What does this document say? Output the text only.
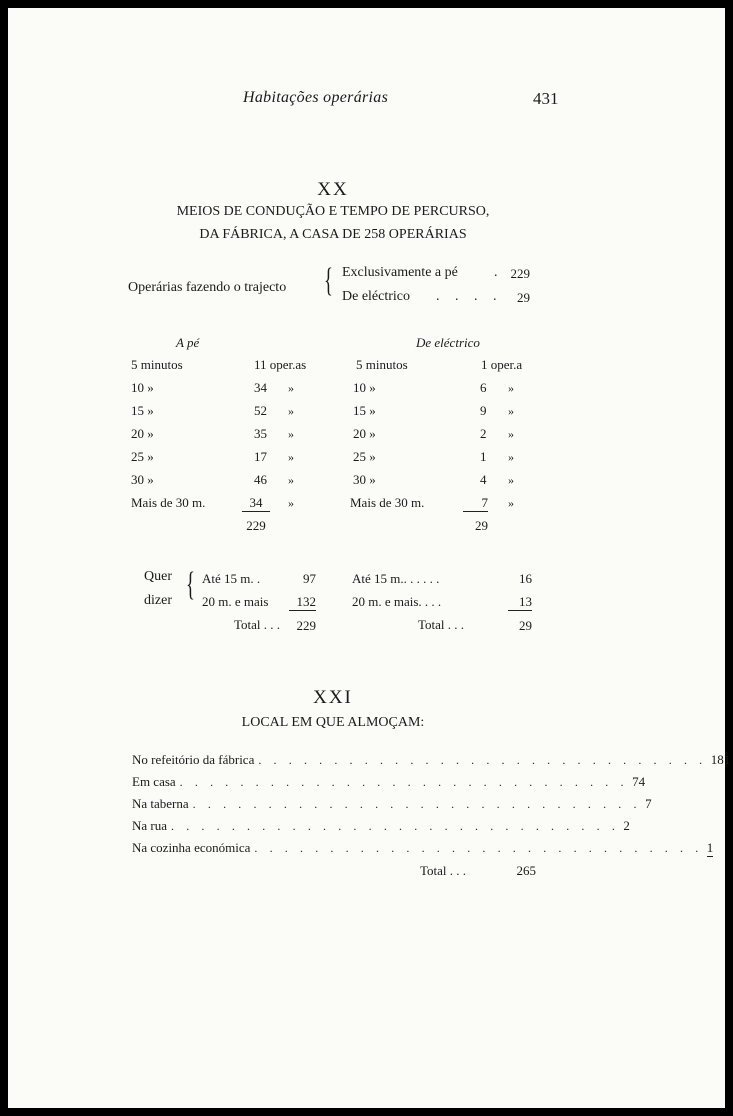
Habitações operárias	431
XX
MEIOS DE CONDUÇÃO E TEMPO DE PERCURSO,
DA FÁBRICA, A CASA DE 258 OPERÁRIAS
Operárias fazendo o trajecto { Exclusivamente a pé	.	229
De eléctrico . . . .	29
A pé	De eléctrico
5 minutos	11 oper.as
10 »	34 »
15 »	52 »
20 »	35 »
25 »	17 »
30 »	46 »
Mais de 30 m.	34	»
229
5 minutos	1 oper.a
10 »	6 »
15 »	9 »
20 »	2 »
25 »	1 »
30 »	4 »
Mais de 30 m.	7 »
29
Quer
dizer { Até 15 m. .	97
20 m. e mais	132
Total . . .	229
Até 15 m.. . . . . .	16
20 m. e mais. . . .	13
Total . . .	29
XXI
LOCAL EM QUE ALMOÇAM:
No refeitório da fábrica . . . . . . . . . . . . . . . . . . . . . . . . . . . . . . 181
Em casa . . . . . . . . . . . . . . . . . . . . . . . . . . . . . . 74
Na taberna . . . . . . . . . . . . . . . . . . . . . . . . . . . . . . 7
Na rua . . . . . . . . . . . . . . . . . . . . . . . . . . . . . . 2
Na cozinha económica . . . . . . . . . . . . . . . . . . . . . . . . . . . . . . 1
Total . . .	265
